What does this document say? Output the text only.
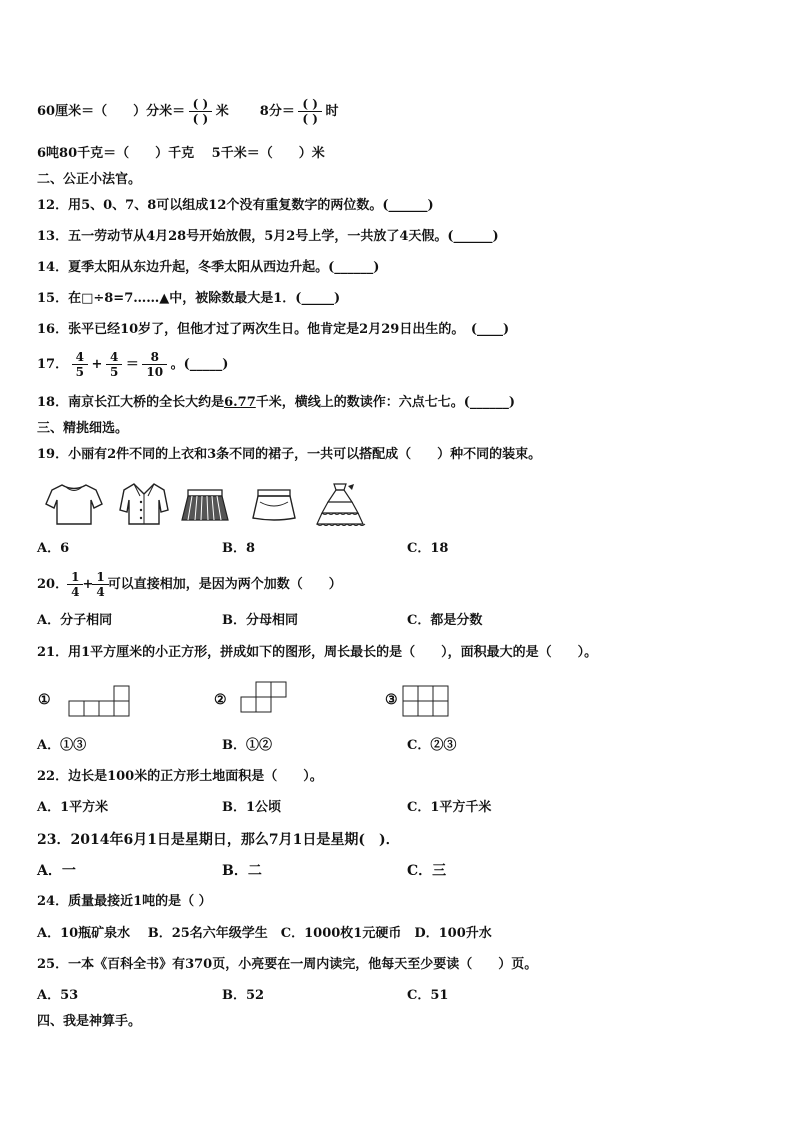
60厘米＝（　　）分米＝ $\frac{( )}{( )}$ 米 8分＝ $\frac{( )}{( )}$ 时
6吨80千克＝（　　）千克　 5千米＝（　　）米
二、公正小法官。
12．用5、0、7、8可以组成12个没有重复数字的两位数。(______)
13．五一劳动节从4月28号开始放假，5月2号上学，一共放了4天假。(______)
14．夏季太阳从东边升起，冬季太阳从西边升起。(______)
15．在□÷8=7……▲中，被除数最大是1．(_____)
16．张平已经10岁了，但他才过了两次生日。他肯定是2月29日出生的。　(____)
17． $\frac{4}{5} + \frac{4}{5} = \frac{8}{10}$ 。(_____)
18．南京长江大桥的全长大约是6.77千米，横线上的数读作：六点七七。(______)
三、精挑细选。
19．小丽有2件不同的上衣和3条不同的裙子，一共可以搭配成（　　）种不同的装束。
A．6	B．8	C．18
20． $\frac{1}{4} + \frac{1}{4}$ 可以直接相加，是因为两个加数（　　）
A．分子相同	B．分母相同	C．都是分数
21．用1平方厘米的小正方形，拼成如下的图形，周长最长的是（　　），面积最大的是（　　）。
①	②	③
A．①③	B．①②	C．②③
22．边长是100米的正方形土地面积是（　　）。
A．1平方米	B．1公顷	C．1平方千米
23．2014年6月1日是星期日，那么7月1日是星期(　)．
A．一	B．二	C．三
24．质量最接近1吨的是（ ）
A．10瓶矿泉水　 B．25名六年级学生　C．1000枚1元硬币　D．100升水
25．一本《百科全书》有370页，小亮要在一周内读完，他每天至少要读（　　）页。
A．53	B．52	C．51
四、我是神算手。
